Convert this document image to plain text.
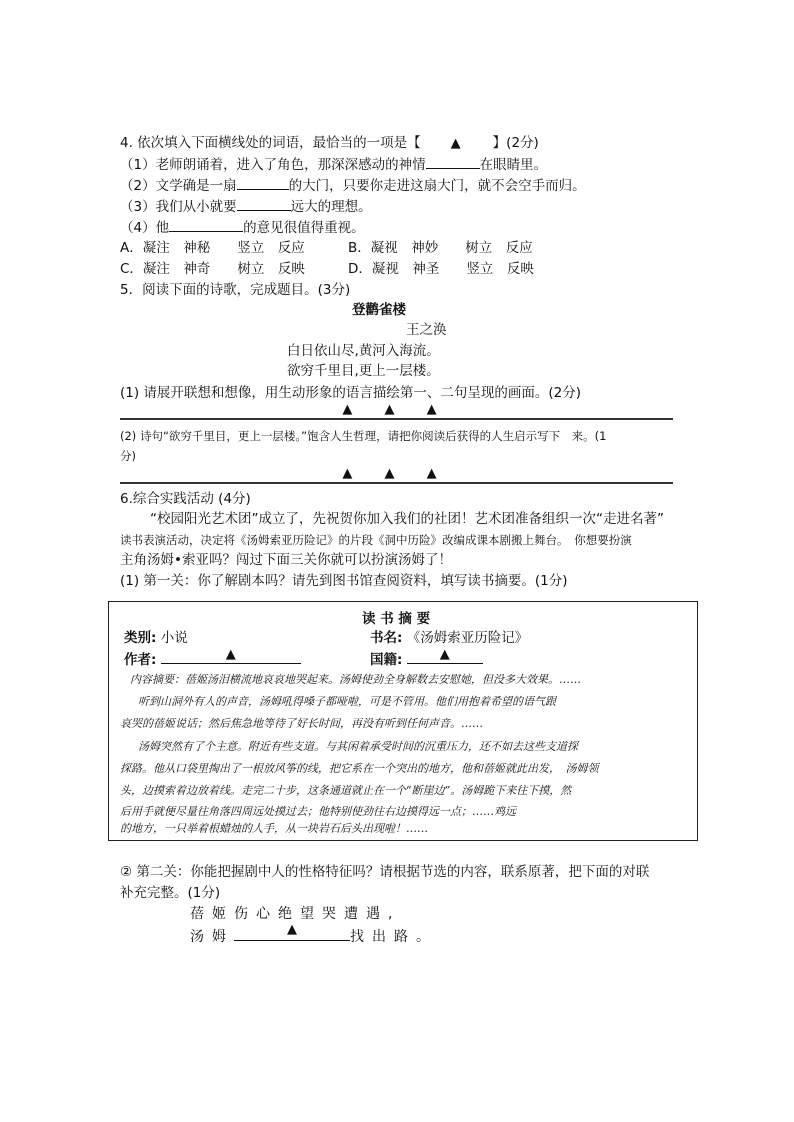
4. 依次填入下面横线处的词语，最恰当的一项是【 ▲ 】(2分)
（1）老师朗诵着，进入了角色，那深深感动的神情	在眼睛里。
（2）文学确是一扇	的大门，只要你走进这扇大门，就不会空手而归。
（3）我们从小就要	远大的理想。
（4）他	的意见很值得重视。
A．凝注　神秘　　竖立　反应	B．凝视　神妙　　树立　反应
C．凝注　神奇　　树立　反映	D．凝视　神圣　　竖立　反映
5．阅读下面的诗歌，完成题目。(3分)
登鹳雀楼
王之涣
白日依山尽,黄河入海流。
欲穷千里目,更上一层楼。
(1) 请展开联想和想像，用生动形象的语言描绘第一、二句呈现的画面。(2分)
▲ ▲ ▲
(2) 诗句“欲穷千里目，更上一层楼。”饱含人生哲理，请把你阅读后获得的人生启示写下　来。(1
分)
▲ ▲ ▲
6.综合实践活动 (4分)
“校园阳光艺术团”成立了，先祝贺你加入我们的社团！艺术团准备组织一次“走进名著”
读书表演活动，决定将《汤姆索亚历险记》的片段《洞中历险》改编成课本剧搬上舞台。　你想要扮演
主角汤姆•索亚吗？闯过下面三关你就可以扮演汤姆了！
(1) 第一关：你了解剧本吗？请先到图书馆查阅资料，填写读书摘要。(1分)
读 书 摘 要
类别: 小说	书名: 《汤姆索亚历险记》
作者:	▲	国籍:	▲
内容摘要：蓓姬汤泪横流地哀哀地哭起来。汤姆使劲全身解数去安慰她，但没多大效果。……
听到山洞外有人的声音，汤姆吼得嗓子都哑啦，可是不管用。他们用抱着希望的语气跟
哀哭的蓓姬说话；然后焦急地等待了好长时间，再没有听到任何声音。……
汤姆突然有了个主意。附近有些支道。与其闲着承受时间的沉重压力，还不如去这些支道探
探路。他从口袋里掏出了一根放风筝的线，把它系在一个突出的地方，他和蓓姬就此出发，　汤姆领
头，边摸索着边放着线。走完二十步，这条通道就止在一个“断崖边”。汤姆跪下来往下摸，然
后用手就便尽量往角落四周远处摸过去；他特别使劲往右边摸得远一点；……鸡远
的地方，一只举着根蜡烛的人手，从一块岩石后头出现啦！……
② 第二关：你能把握剧中人的性格特征吗？请根据节选的内容，联系原著，把下面的对联
补充完整。(1分)
蓓姬伤心绝望哭遭遇,
汤姆	▲	找出路。
